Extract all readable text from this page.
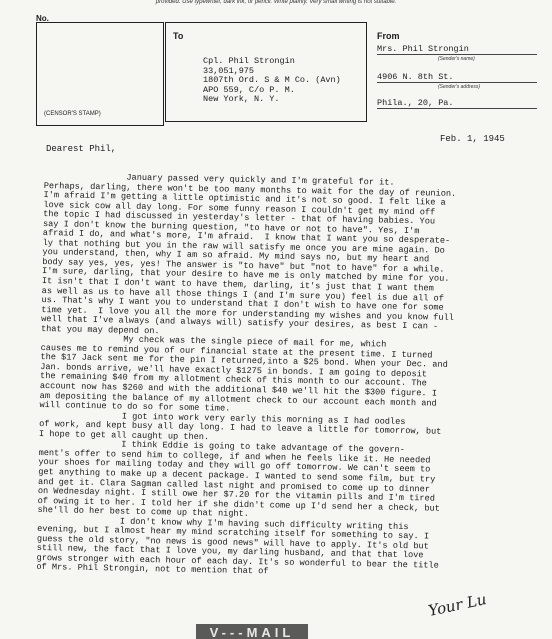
provided. Use typewriter, dark ink, or pencil. Write plainly. Very small writing is not suitable.
No.
(CENSOR'S STAMP)
To
Cpl. Phil Strongin
33,051,975
1807th Ord. S & M Co. (Avn)
APO 559, C/o P. M.
New York, N. Y.
From
Mrs. Phil Strongin
(Sender's name)
4906 N. 8th St.
(Sender's address)
Phila., 20, Pa.
Feb. 1, 1945
Dearest Phil,
January passed very quickly and I'm grateful for it.
Perhaps, darling, there won't be too many months to wait for the day of reunion.
I'm afraid I'm getting a little optimistic and it's not so good. I felt like a
love sick cow all day long. For some funny reason I couldn't get my mind off
the topic I had discussed in yesterday's letter - that of having babies. You
say I don't know the burning question, "to have or not to have". Yes, I'm
afraid I do, and what's more, I'm afraid.  I know that I want you so desperate-
ly that nothing but you in the raw will satisfy me once you are mine again. Do
you understand, then, why I am so afraid. My mind says no, but my heart and
body say yes, yes, yes! The answer is "to have" but "not to have" for a while.
I'm sure, darling, that your desire to have me is only matched by mine for you.
It isn't that I don't want to have them, darling, it's just that I want them
as well as us to have all those things I (and I'm sure you) feel is due all of
us. That's why I want you to understand that I don't wish to have one for some
time yet.  I love you all the more for understanding my wishes and you know full
well that I've always (and always will) satisfy your desires, as best I can -
that you may depend on.
My check was the single piece of mail for me, which
causes me to remind you of our financial state at the present time. I turned
the $17 Jack sent me for the pin I returned,into a $25 bond. When your Dec. and
Jan. bonds arrive, we'll have exactly $1275 in bonds. I am going to deposit
the remaining $40 from my allotment check of this month to our account. The
account now has $260 and with the additional $40 we'll hit the $300 figure. I
am depositing the balance of my allotment check to our account each month and
will continue to do so for some time.
I got into work very early this morning as I had oodles
of work, and kept busy all day long. I had to leave a little for tomorrow, but
I hope to get all caught up then.
I think Eddie is going to take advantage of the govern-
ment's offer to send him to college, if and when he feels like it. He needed
your shoes for mailing today and they will go off tomorrow. We can't seem to
get anything to make up a decent package. I wanted to send some film, but try
and get it. Clara Sagman called last night and promised to come up to dinner
on Wednesday night. I still owe her $7.20 for the vitamin pills and I'm tired
of owing it to her. I told her if she didn't come up I'd send her a check, but
she'll do her best to come up that night.
I don't know why I'm having such difficulty writing this
evening, but I almost hear my mind scratching itself for something to say. I
guess the old story, "no news is good news" will have to apply. It's old but
still new, the fact that I love you, my darling husband, and that that love
grows stronger with each hour of each day. It's so wonderful to bear the title
of Mrs. Phil Strongin, not to mention that of
Your Lu
V---MAIL
